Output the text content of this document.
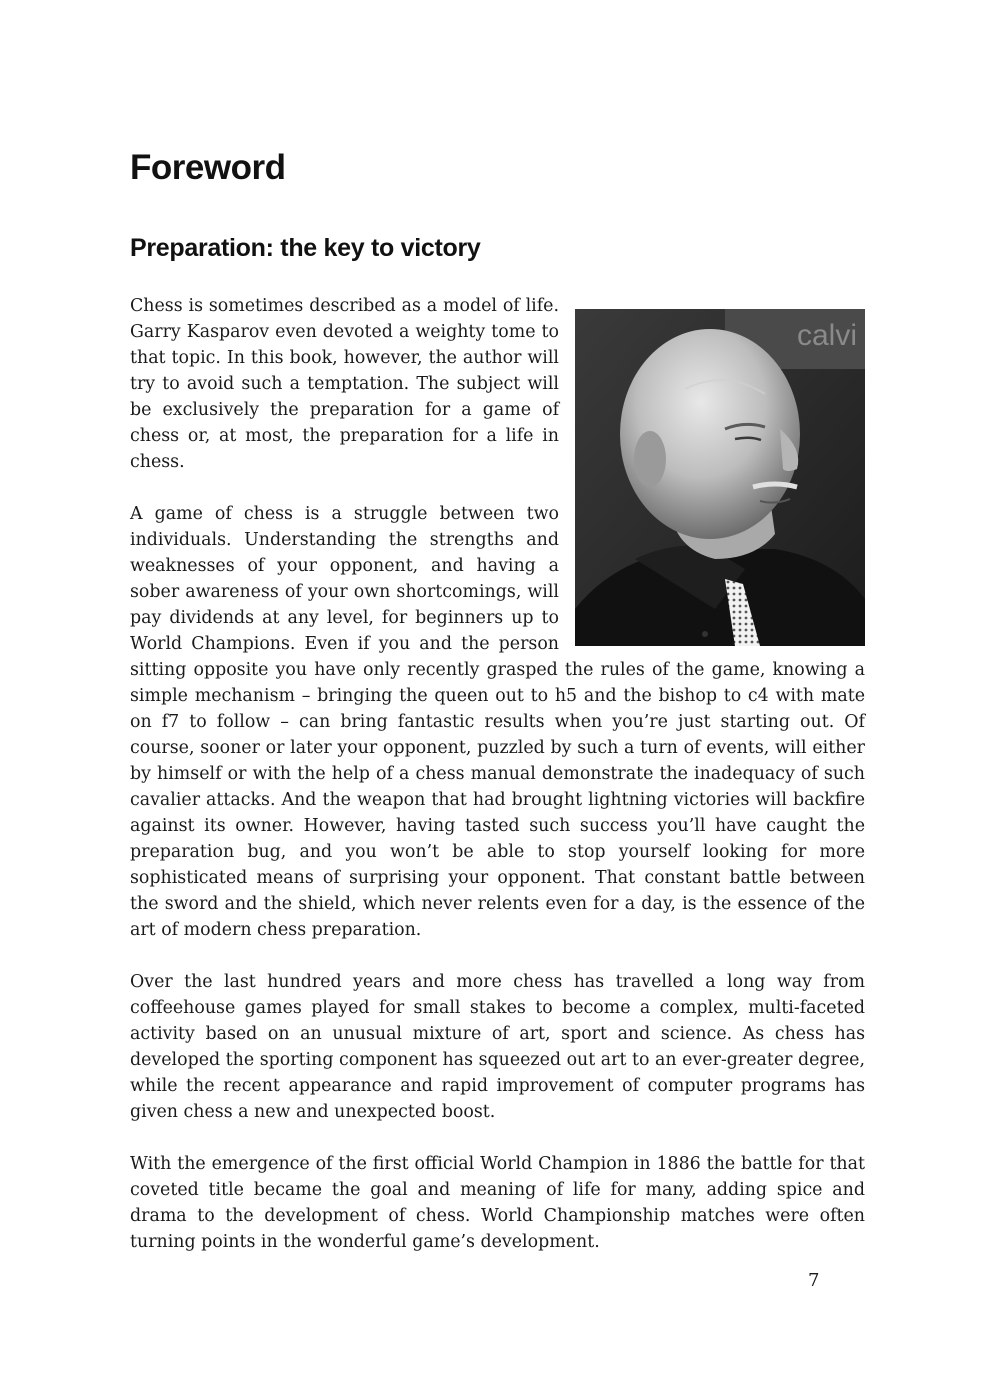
Foreword
Preparation: the key to victory
calvi

Chess is sometimes described as a model of life. Garry Kasparov even devoted a weighty tome to that topic. In this book, however, the author will try to avoid such a temptation. The subject will be exclusively the preparation for a game of chess or, at most, the preparation for a life in chess.

A game of chess is a struggle between two individuals. Understanding the strengths and weaknesses of your opponent, and having a sober awareness of your own shortcomings, will pay dividends at any level, for beginners up to World Champions. Even if you and the person sitting opposite you have only recently grasped the rules of the game, knowing a simple mechanism – bringing the queen out to h5 and the bishop to c4 with mate on f7 to follow – can bring fantastic results when you’re just starting out. Of course, sooner or later your opponent, puzzled by such a turn of events, will either by himself or with the help of a chess manual demonstrate the inadequacy of such cavalier attacks. And the weapon that had brought lightning victories will backfire against its owner. However, having tasted such success you’ll have caught the preparation bug, and you won’t be able to stop yourself looking for more sophisticated means of surprising your opponent. That constant battle between the sword and the shield, which never relents even for a day, is the essence of the art of modern chess preparation.

Over the last hundred years and more chess has travelled a long way from coffeehouse games played for small stakes to become a complex, multi-faceted activity based on an unusual mixture of art, sport and science. As chess has developed the sporting component has squeezed out art to an ever-greater degree, while the recent appearance and rapid improvement of computer programs has given chess a new and unexpected boost.

With the emergence of the first official World Champion in 1886 the battle for that coveted title became the goal and meaning of life for many, adding spice and drama to the development of chess. World Championship matches were often turning points in the wonderful game’s development.

7
